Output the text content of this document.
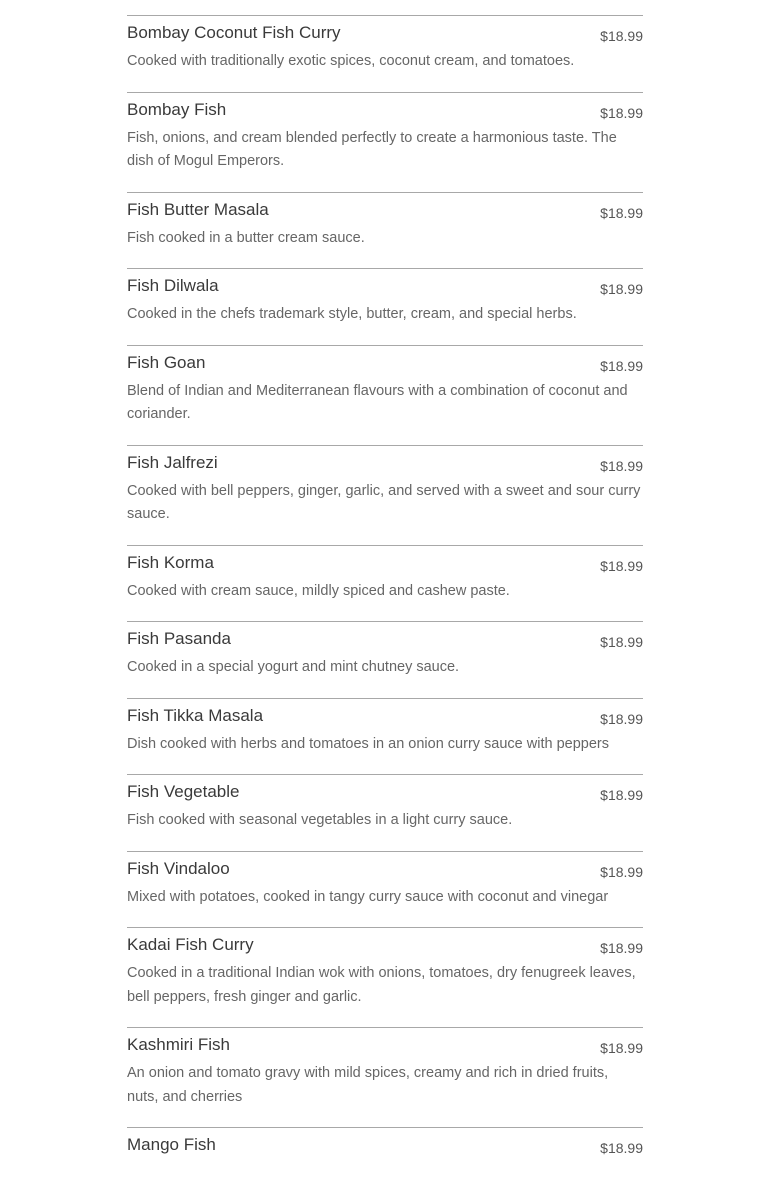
Bombay Coconut Fish Curry	$18.99
Cooked with traditionally exotic spices, coconut cream, and tomatoes.
Bombay Fish	$18.99
Fish, onions, and cream blended perfectly to create a harmonious taste. The dish of Mogul Emperors.
Fish Butter Masala	$18.99
Fish cooked in a butter cream sauce.
Fish Dilwala	$18.99
Cooked in the chefs trademark style, butter, cream, and special herbs.
Fish Goan	$18.99
Blend of Indian and Mediterranean flavours with a combination of coconut and coriander.
Fish Jalfrezi	$18.99
Cooked with bell peppers, ginger, garlic, and served with a sweet and sour curry sauce.
Fish Korma	$18.99
Cooked with cream sauce, mildly spiced and cashew paste.
Fish Pasanda	$18.99
Cooked in a special yogurt and mint chutney sauce.
Fish Tikka Masala	$18.99
Dish cooked with herbs and tomatoes in an onion curry sauce with peppers
Fish Vegetable	$18.99
Fish cooked with seasonal vegetables in a light curry sauce.
Fish Vindaloo	$18.99
Mixed with potatoes, cooked in tangy curry sauce with coconut and vinegar
Kadai Fish Curry	$18.99
Cooked in a traditional Indian wok with onions, tomatoes, dry fenugreek leaves, bell peppers, fresh ginger and garlic.
Kashmiri Fish	$18.99
An onion and tomato gravy with mild spices, creamy and rich in dried fruits, nuts, and cherries
Mango Fish	$18.99
